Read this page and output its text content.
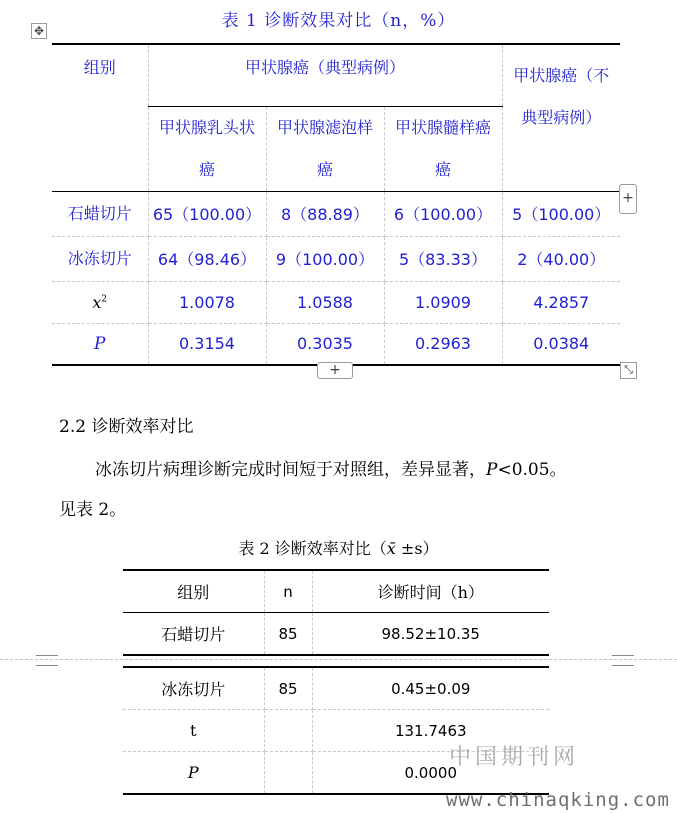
表 1 诊断效果对比（n，%）
✥
组别	甲状腺癌（典型病例）			甲状腺癌（不典型病例）
	甲状腺乳头状癌	甲状腺滤泡样癌	甲状腺髓样癌癌	
石蜡切片	65（100.00）	8（88.89）	6（100.00）	5（100.00）
冰冻切片	64（98.46）	9（100.00）	5（83.33）	2（40.00）
$x^2$	1.0078	1.0588	1.0909	4.2857
P	0.3154	0.3035	0.2963	0.0384
+
+	⤡
2.2 诊断效率对比
冰冻切片病理诊断完成时间短于对照组，差异显著，P<0.05。
见表 2。
表 2 诊断效率对比（x̄ ±s）
组别	n	诊断时间（h）
石蜡切片	85	98.52±10.35
冰冻切片	85	0.45±0.09
t		131.7463
P		0.0000
中国期刊网
www.chinaqking.com
